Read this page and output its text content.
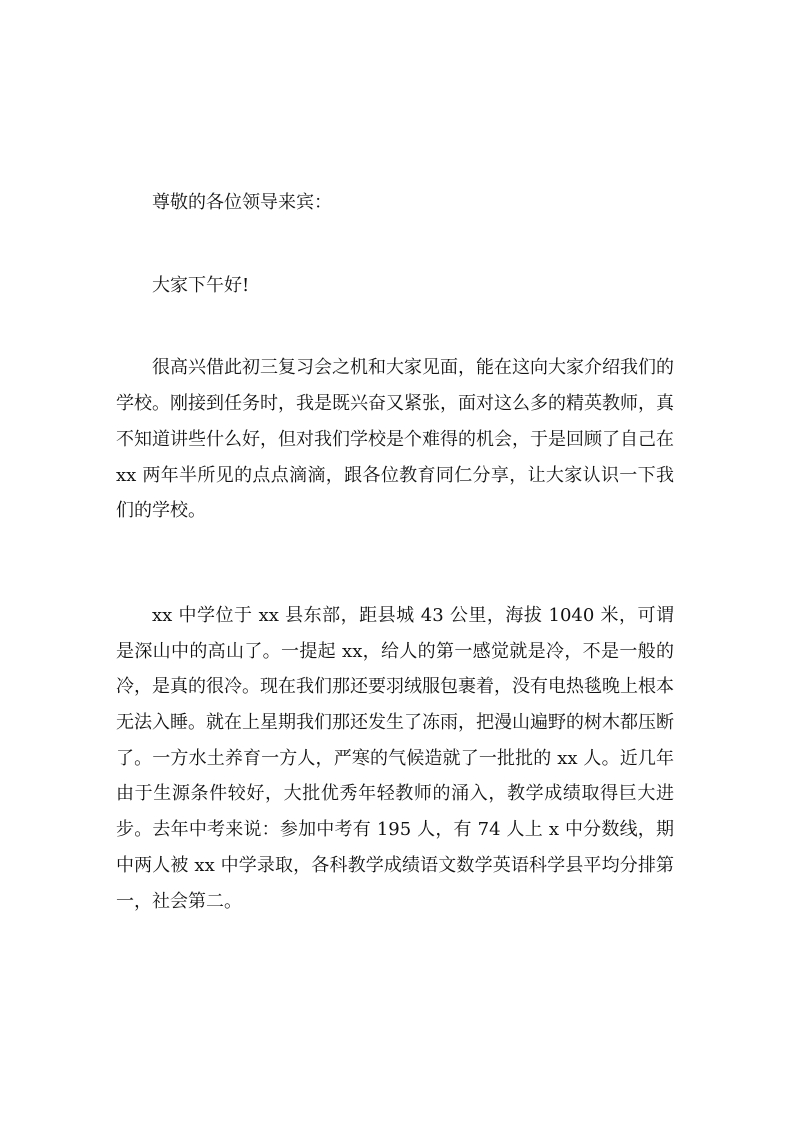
尊敬的各位领导来宾：

大家下午好!

很高兴借此初三复习会之机和大家见面，能在这向大家介绍我们的学校。刚接到任务时，我是既兴奋又紧张，面对这么多的精英教师，真不知道讲些什么好，但对我们学校是个难得的机会，于是回顾了自己在 xx 两年半所见的点点滴滴，跟各位教育同仁分享，让大家认识一下我们的学校。

xx 中学位于 xx 县东部，距县城 43 公里，海拔 1040 米，可谓是深山中的高山了。一提起 xx，给人的第一感觉就是冷，不是一般的冷，是真的很冷。现在我们那还要羽绒服包裹着，没有电热毯晚上根本无法入睡。就在上星期我们那还发生了冻雨，把漫山遍野的树木都压断了。一方水土养育一方人，严寒的气候造就了一批批的 xx 人。近几年由于生源条件较好，大批优秀年轻教师的涌入，教学成绩取得巨大进步。去年中考来说：参加中考有 195 人，有 74 人上 x 中分数线，期中两人被 xx 中学录取，各科教学成绩语文数学英语科学县平均分排第一，社会第二。
